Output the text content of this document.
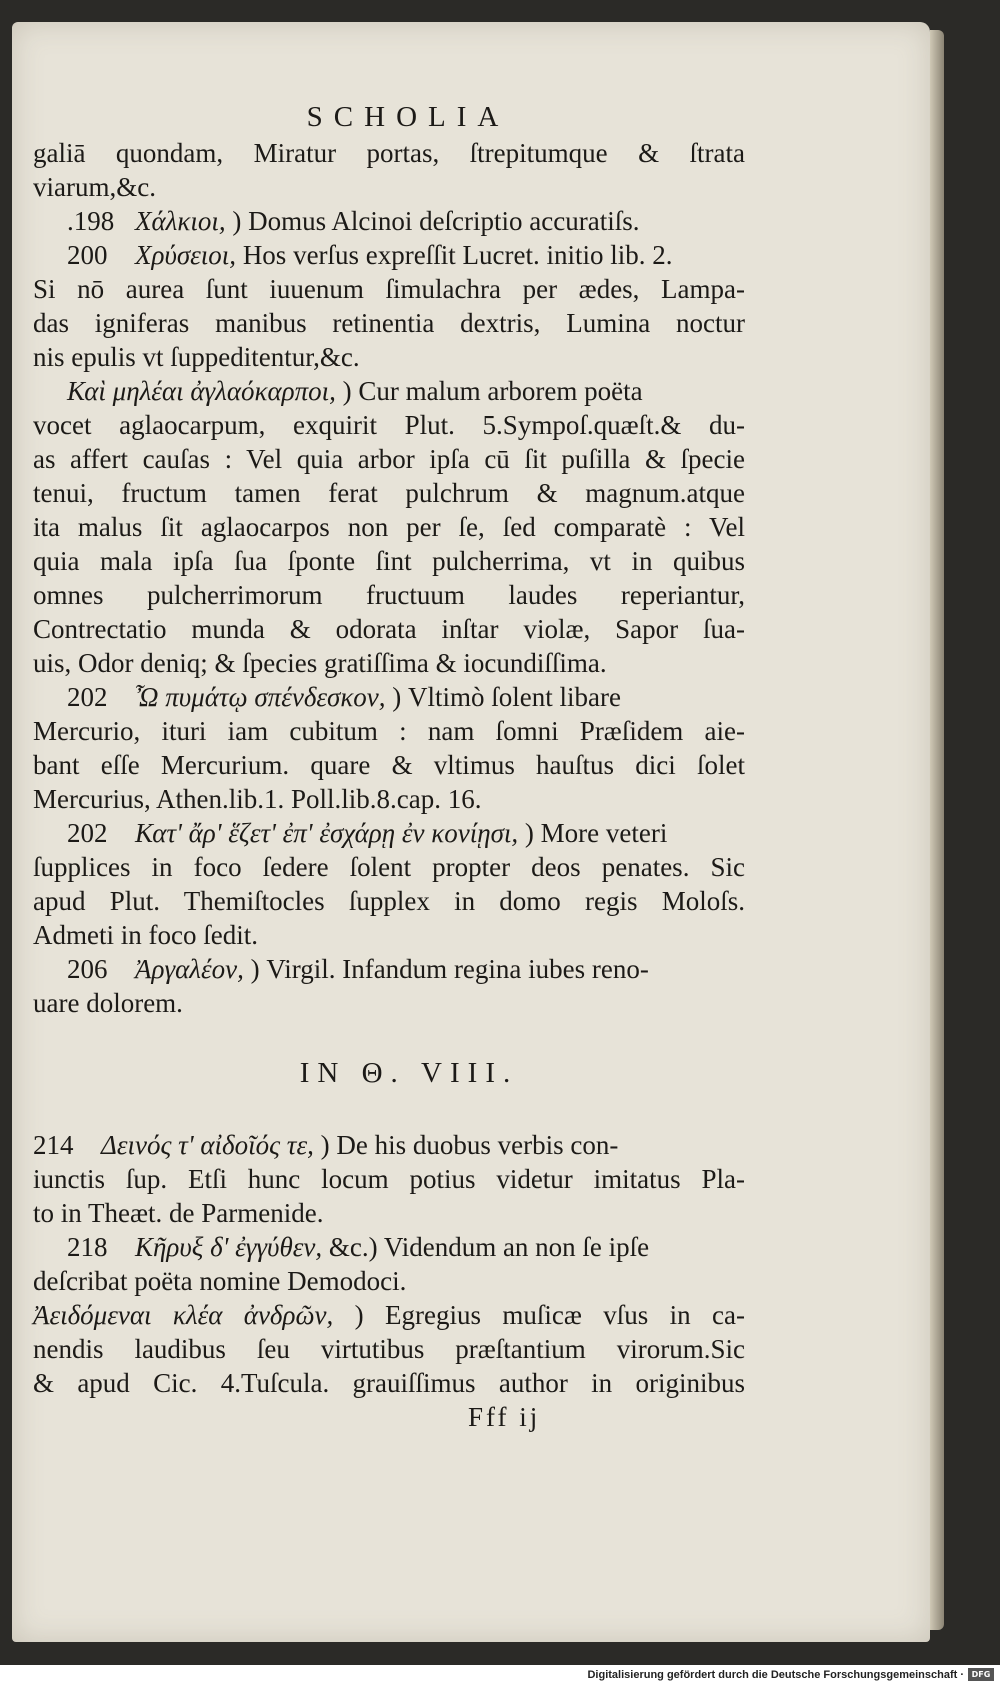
SCHOLIA
galiā quondam, Miratur portas, ſtrepitumque & ſtrata
viarum,&c.
.198 Χάλκιοι, ) Domus Alcinoi deſcriptio accuratiſs.
200 Χρύσειοι, Hos verſus expreſſit Lucret. initio lib. 2.
Si nō aurea ſunt iuuenum ſimulachra per ædes, Lampa-
das igniferas manibus retinentia dextris, Lumina noctur
nis epulis vt ſuppeditentur,&c.
Καὶ μηλέαι ἀγλαόκαρποι, ) Cur malum arborem poëta
vocet aglaocarpum, exquirit Plut. 5.Sympoſ.quæſt.& du-
as affert cauſas : Vel quia arbor ipſa cū ſit puſilla & ſpecie
tenui, fructum tamen ferat pulchrum & magnum.atque
ita malus ſit aglaocarpos non per ſe, ſed comparatè : Vel
quia mala ipſa ſua ſponte ſint pulcherrima, vt in quibus
omnes pulcherrimorum fructuum laudes reperiantur,
Contrectatio munda & odorata inſtar violæ, Sapor ſua-
uis, Odor deniq; & ſpecies gratiſſima & iocundiſſima.
202 Ὦ πυμάτῳ σπένδεσκον, ) Vltimò ſolent libare
Mercurio, ituri iam cubitum : nam ſomni Præſidem aie-
bant eſſe Mercurium. quare & vltimus hauſtus dici ſolet
Mercurius, Athen.lib.1. Poll.lib.8.cap. 16.
202 Κατ' ἄρ' ἕζετ' ἐπ' ἐσχάρῃ ἐν κονίῃσι, ) More veteri
ſupplices in foco ſedere ſolent propter deos penates. Sic
apud Plut. Themiſtocles ſupplex in domo regis Moloſs.
Admeti in foco ſedit.
206 Ἀργαλέον, ) Virgil. Infandum regina iubes reno-
uare dolorem.
IN Θ. VIII.
214 Δεινός τ' αἰδοῖός τε, ) De his duobus verbis con-
iunctis ſup. Etſi hunc locum potius videtur imitatus Pla-
to in Theæt. de Parmenide.
218 Κῆρυξ δ' ἐγγύθεν, &c.) Videndum an non ſe ipſe
deſcribat poëta nomine Demodoci.
Ἀειδόμεναι κλέα ἀνδρῶν, ) Egregius muſicæ vſus in ca-
nendis laudibus ſeu virtutibus præſtantium virorum.Sic
& apud Cic. 4.Tuſcula. grauiſſimus author in originibus
Fff ij
Digitalisierung gefördert durch die Deutsche Forschungsgemeinschaft · DFG
